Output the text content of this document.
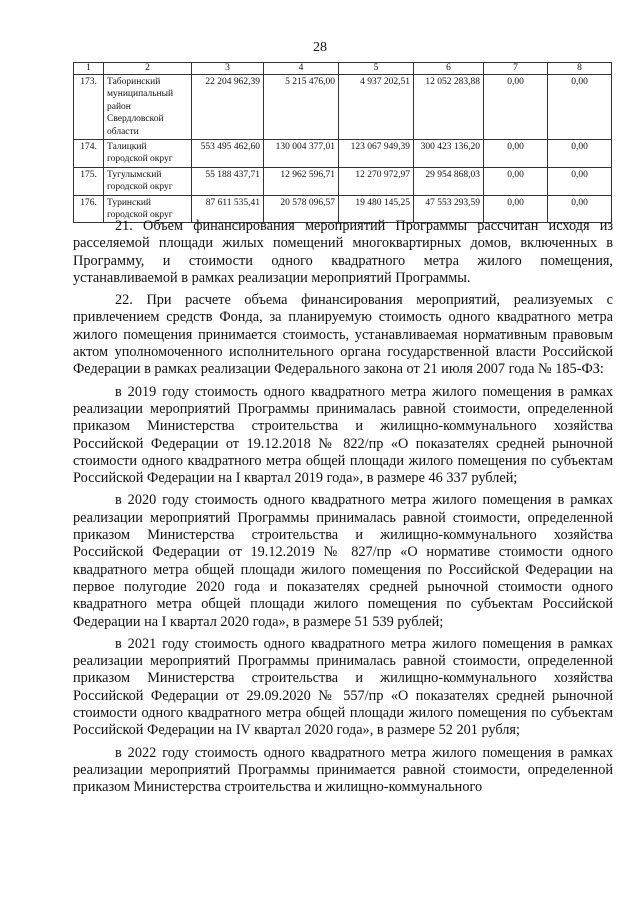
28
1	2	3	4	5	6	7	8
173.	Таборинский муниципальный район Свердловской области	22 204 962,39	5 215 476,00	4 937 202,51	12 052 283,88	0,00	0,00
174.	Талицкий городской округ	553 495 462,60	130 004 377,01	123 067 949,39	300 423 136,20	0,00	0,00
175.	Тугулымский городской округ	55 188 437,71	12 962 596,71	12 270 972,97	29 954 868,03	0,00	0,00
176.	Туринский городской округ	87 611 535,41	20 578 096,57	19 480 145,25	47 553 293,59	0,00	0,00

21. Объем финансирования мероприятий Программы рассчитан исходя из расселяемой площади жилых помещений многоквартирных домов, включенных в Программу, и стоимости одного квадратного метра жилого помещения, устанавливаемой в рамках реализации мероприятий Программы.

22. При расчете объема финансирования мероприятий, реализуемых с привлечением средств Фонда, за планируемую стоимость одного квадратного метра жилого помещения принимается стоимость, устанавливаемая нормативным правовым актом уполномоченного исполнительного органа государственной власти Российской Федерации в рамках реализации Федерального закона от 21 июля 2007 года № 185-ФЗ:

в 2019 году стоимость одного квадратного метра жилого помещения в рамках реализации мероприятий Программы принималась равной стоимости, определенной приказом Министерства строительства и жилищно-коммунального хозяйства Российской Федерации от 19.12.2018 № 822/пр «О показателях средней рыночной стоимости одного квадратного метра общей площади жилого помещения по субъектам Российской Федерации на I квартал 2019 года», в размере 46 337 рублей;

в 2020 году стоимость одного квадратного метра жилого помещения в рамках реализации мероприятий Программы принималась равной стоимости, определенной приказом Министерства строительства и жилищно-коммунального хозяйства Российской Федерации от 19.12.2019 № 827/пр «О нормативе стоимости одного квадратного метра общей площади жилого помещения по Российской Федерации на первое полугодие 2020 года и показателях средней рыночной стоимости одного квадратного метра общей площади жилого помещения по субъектам Российской Федерации на I квартал 2020 года», в размере 51 539 рублей;

в 2021 году стоимость одного квадратного метра жилого помещения в рамках реализации мероприятий Программы принималась равной стоимости, определенной приказом Министерства строительства и жилищно-коммунального хозяйства Российской Федерации от 29.09.2020 № 557/пр «О показателях средней рыночной стоимости одного квадратного метра общей площади жилого помещения по субъектам Российской Федерации на IV квартал 2020 года», в размере 52 201 рубля;

в 2022 году стоимость одного квадратного метра жилого помещения в рамках реализации мероприятий Программы принимается равной стоимости, определенной приказом Министерства строительства и жилищно-коммунального
